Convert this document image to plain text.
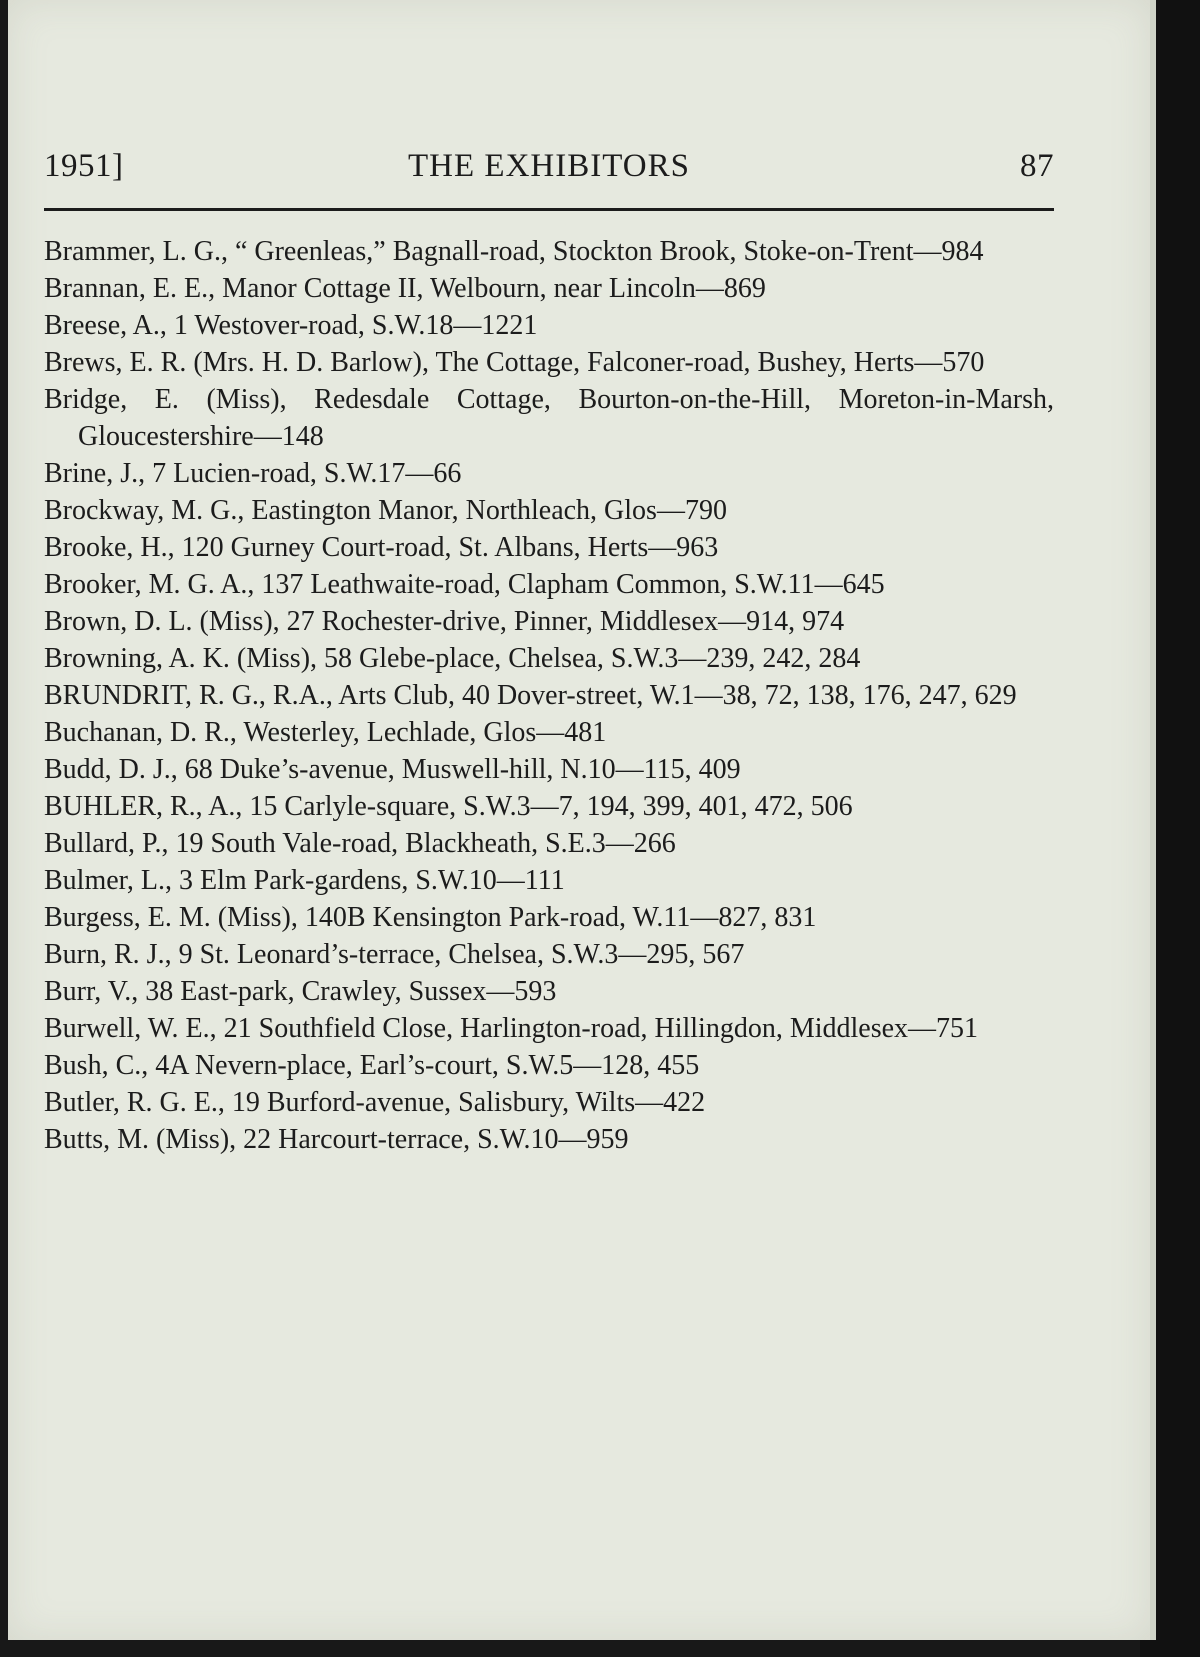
1951]	THE EXHIBITORS	87

Brammer, L. G., “ Greenleas,” Bagnall-road, Stockton Brook, Stoke-on-Trent—984

Brannan, E. E., Manor Cottage II, Welbourn, near Lincoln—869

Breese, A., 1 Westover-road, S.W.18—1221

Brews, E. R. (Mrs. H. D. Barlow), The Cottage, Falconer-road, Bushey, Herts—570

Bridge, E. (Miss), Redesdale Cottage, Bourton-on-the-Hill, Moreton-in-Marsh, Gloucestershire—148

Brine, J., 7 Lucien-road, S.W.17—66

Brockway, M. G., Eastington Manor, Northleach, Glos—790

Brooke, H., 120 Gurney Court-road, St. Albans, Herts—963

Brooker, M. G. A., 137 Leathwaite-road, Clapham Common, S.W.11—645

Brown, D. L. (Miss), 27 Rochester-drive, Pinner, Middlesex—914, 974

Browning, A. K. (Miss), 58 Glebe-place, Chelsea, S.W.3—239, 242, 284

BRUNDRIT, R. G., R.A., Arts Club, 40 Dover-street, W.1—38, 72, 138, 176, 247, 629

Buchanan, D. R., Westerley, Lechlade, Glos—481

Budd, D. J., 68 Duke’s-avenue, Muswell-hill, N.10—115, 409

BUHLER, R., A., 15 Carlyle-square, S.W.3—7, 194, 399, 401, 472, 506

Bullard, P., 19 South Vale-road, Blackheath, S.E.3—266

Bulmer, L., 3 Elm Park-gardens, S.W.10—111

Burgess, E. M. (Miss), 140B Kensington Park-road, W.11—827, 831

Burn, R. J., 9 St. Leonard’s-terrace, Chelsea, S.W.3—295, 567

Burr, V., 38 East-park, Crawley, Sussex—593

Burwell, W. E., 21 Southfield Close, Harlington-road, Hillingdon, Middlesex—751

Bush, C., 4A Nevern-place, Earl’s-court, S.W.5—128, 455

Butler, R. G. E., 19 Burford-avenue, Salisbury, Wilts—422

Butts, M. (Miss), 22 Harcourt-terrace, S.W.10—959
